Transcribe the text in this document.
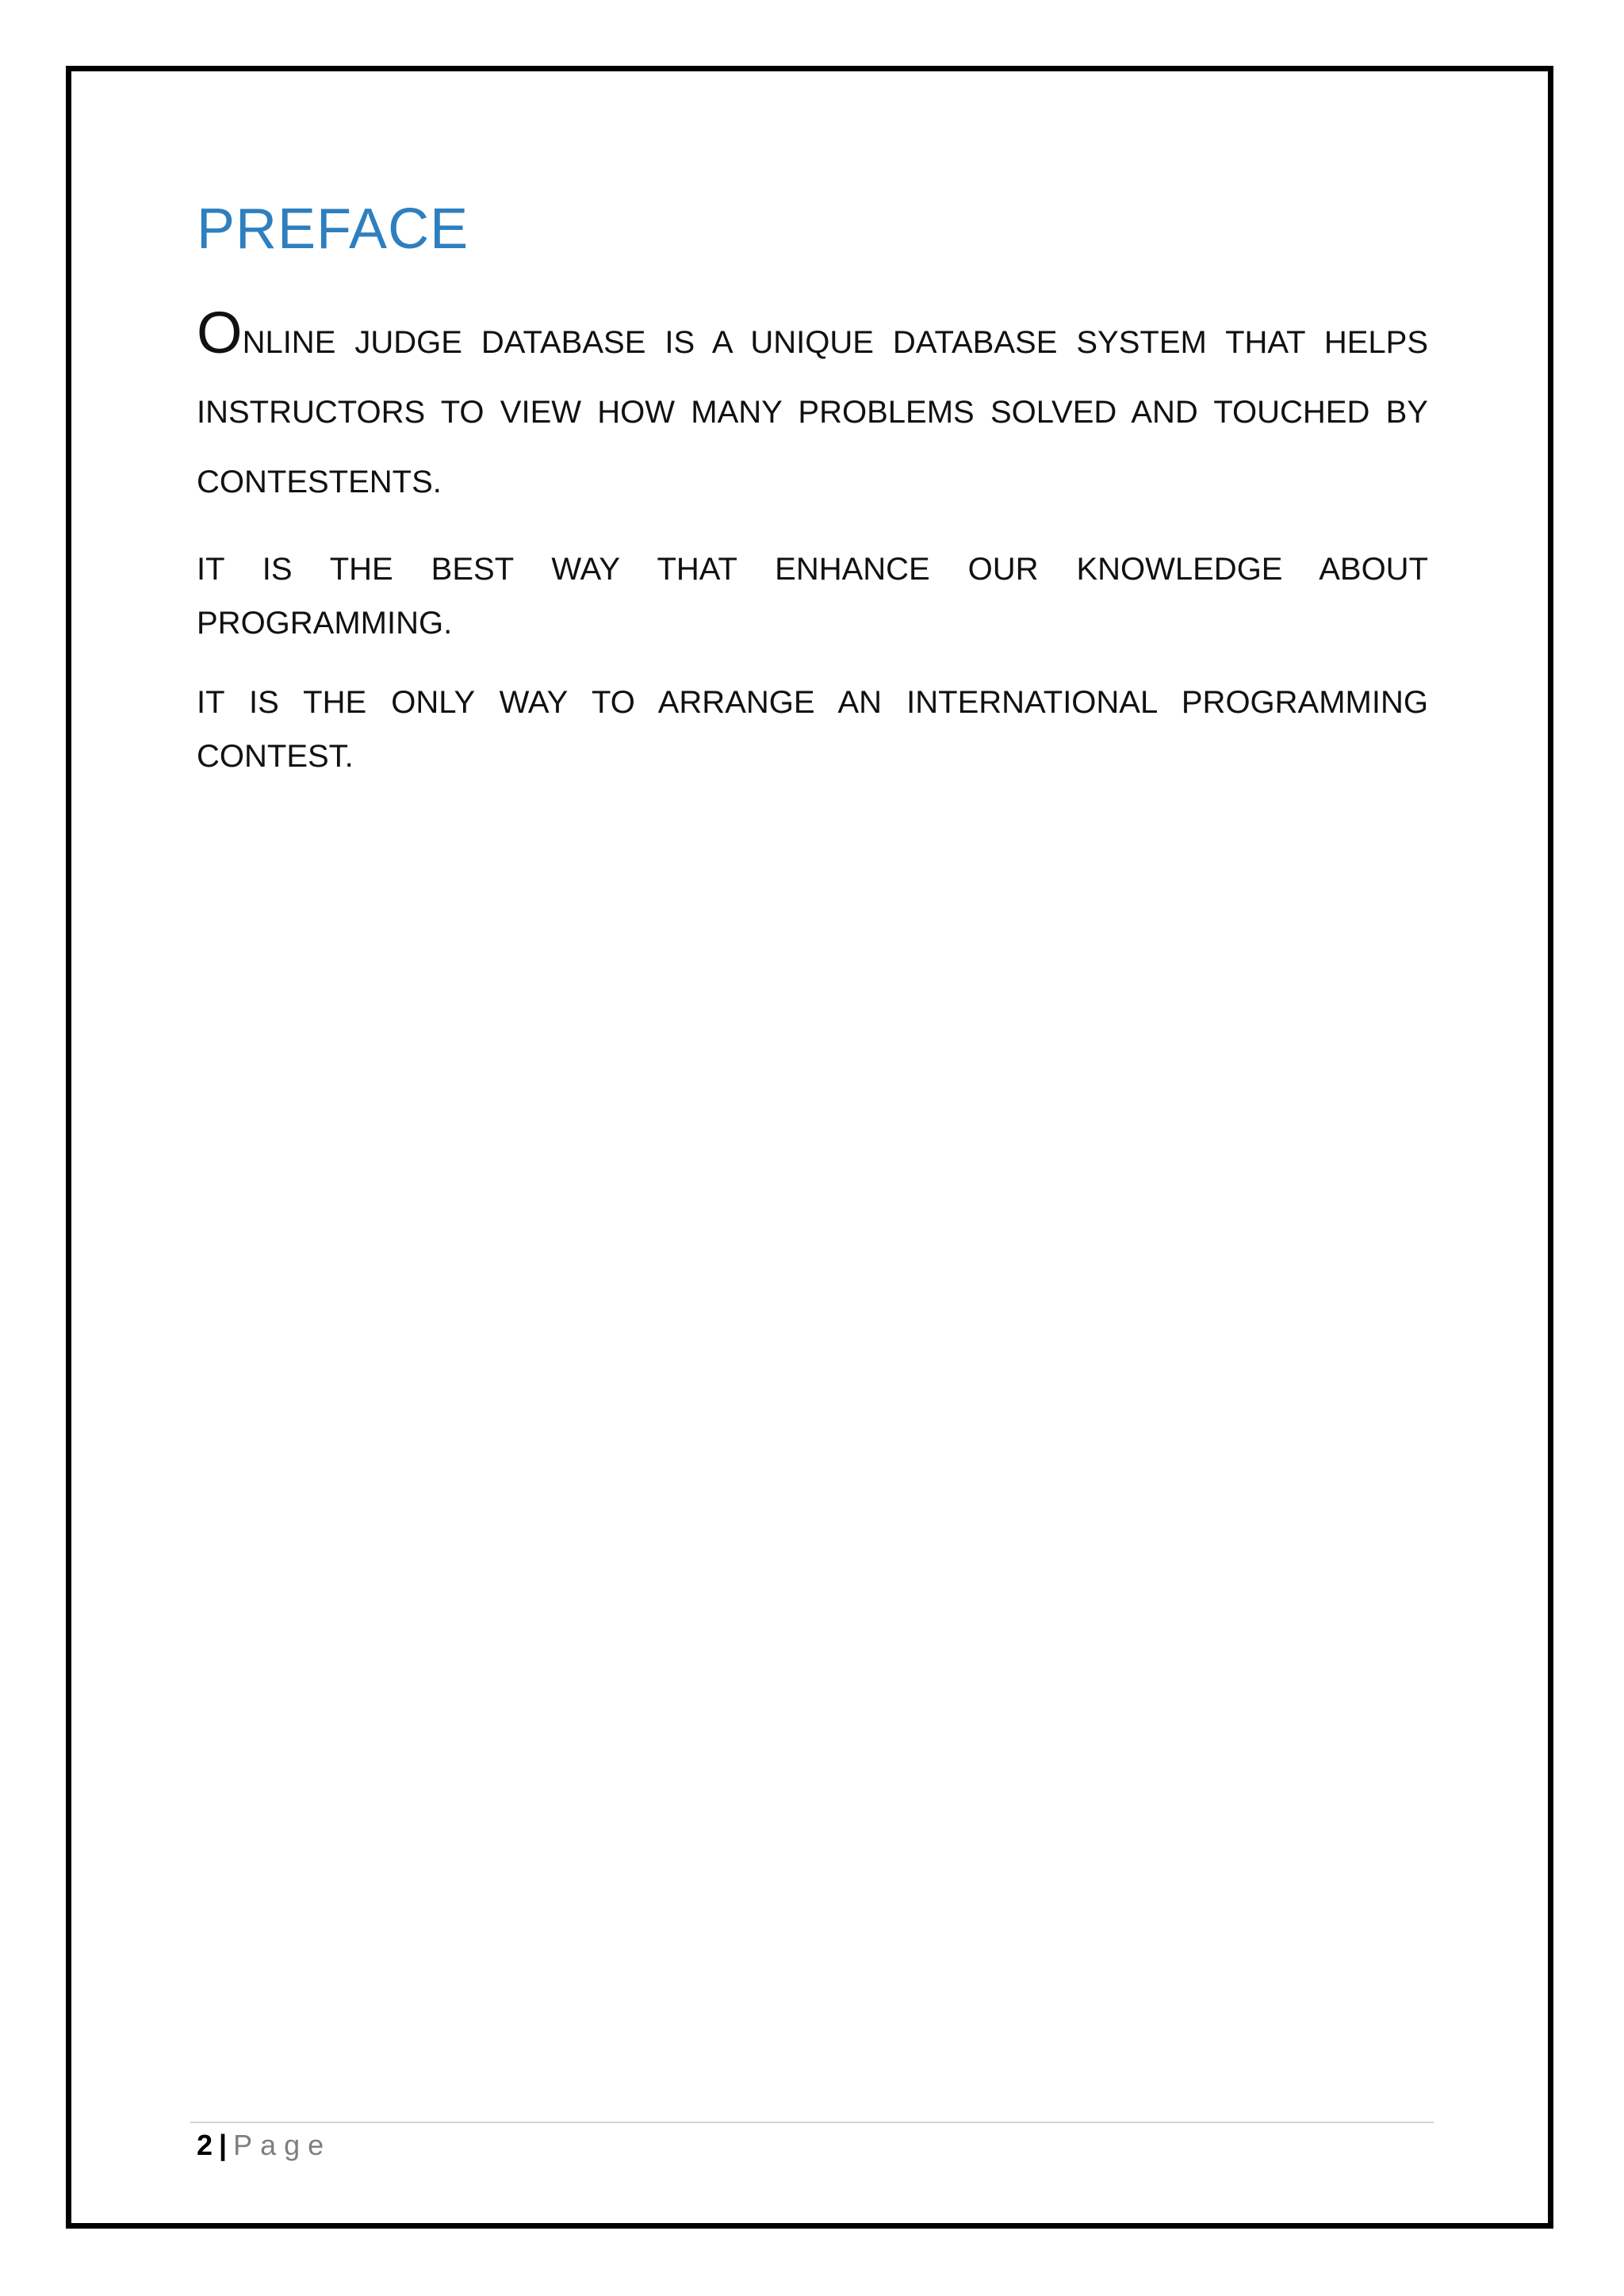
PREFACE

ONLINE JUDGE DATABASE IS A UNIQUE DATABASE SYSTEM THAT HELPS INSTRUCTORS TO VIEW HOW MANY PROBLEMS SOLVED AND TOUCHED BY CONTESTENTS.

IT IS THE BEST WAY THAT ENHANCE OUR KNOWLEDGE ABOUT PROGRAMMING.

IT IS THE ONLY WAY TO ARRANGE AN INTERNATIONAL PROGRAMMING CONTEST.

2 | Page
